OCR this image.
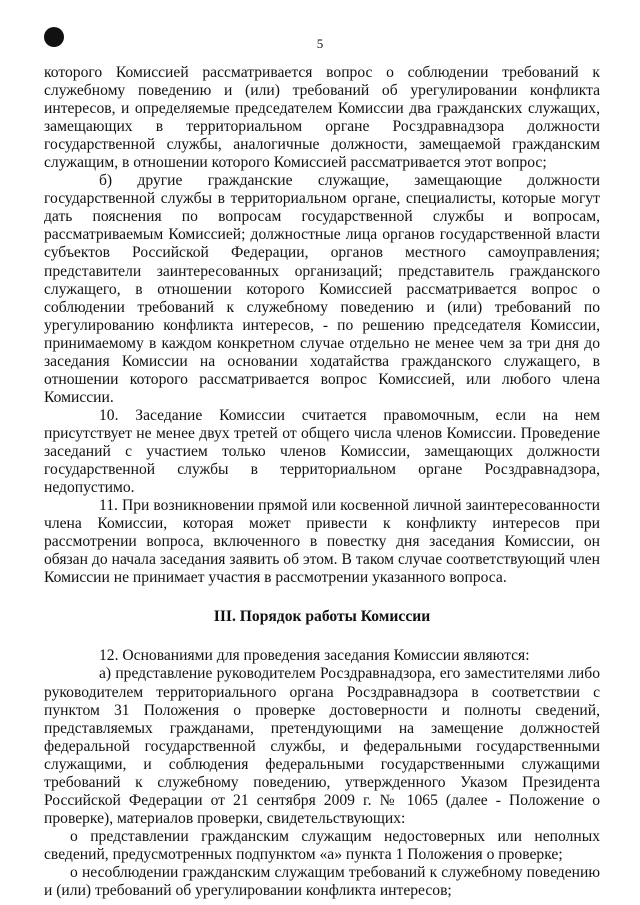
5

которого Комиссией рассматривается вопрос о соблюдении требований к служебному поведению и (или) требований об урегулировании конфликта интересов, и определяемые председателем Комиссии два гражданских служащих, замещающих в территориальном органе Росздравнадзора должности государственной службы, аналогичные должности, замещаемой гражданским служащим, в отношении которого Комиссией рассматривается этот вопрос;

б) другие гражданские служащие, замещающие должности государственной службы в территориальном органе, специалисты, которые могут дать пояснения по вопросам государственной службы и вопросам, рассматриваемым Комиссией; должностные лица органов государственной власти субъектов Российской Федерации, органов местного самоуправления; представители заинтересованных организаций; представитель гражданского служащего, в отношении которого Комиссией рассматривается вопрос о соблюдении требований к служебному поведению и (или) требований по урегулированию конфликта интересов, - по решению председателя Комиссии, принимаемому в каждом конкретном случае отдельно не менее чем за три дня до заседания Комиссии на основании ходатайства гражданского служащего, в отношении которого рассматривается вопрос Комиссией, или любого члена Комиссии.

10. Заседание Комиссии считается правомочным, если на нем присутствует не менее двух третей от общего числа членов Комиссии. Проведение заседаний с участием только членов Комиссии, замещающих должности государственной службы в территориальном органе Росздравнадзора, недопустимо.

11. При возникновении прямой или косвенной личной заинтересованности члена Комиссии, которая может привести к конфликту интересов при рассмотрении вопроса, включенного в повестку дня заседания Комиссии, он обязан до начала заседания заявить об этом. В таком случае соответствующий член Комиссии не принимает участия в рассмотрении указанного вопроса.

III. Порядок работы Комиссии

12. Основаниями для проведения заседания Комиссии являются:

а) представление руководителем Росздравнадзора, его заместителями либо руководителем территориального органа Росздравнадзора в соответствии с пунктом 31 Положения о проверке достоверности и полноты сведений, представляемых гражданами, претендующими на замещение должностей федеральной государственной службы, и федеральными государственными служащими, и соблюдения федеральными государственными служащими требований к служебному поведению, утвержденного Указом Президента Российской Федерации от 21 сентября 2009 г. № 1065 (далее - Положение о проверке), материалов проверки, свидетельствующих:

о представлении гражданским служащим недостоверных или неполных сведений, предусмотренных подпунктом «а» пункта 1 Положения о проверке;

о несоблюдении гражданским служащим требований к служебному поведению и (или) требований об урегулировании конфликта интересов;
